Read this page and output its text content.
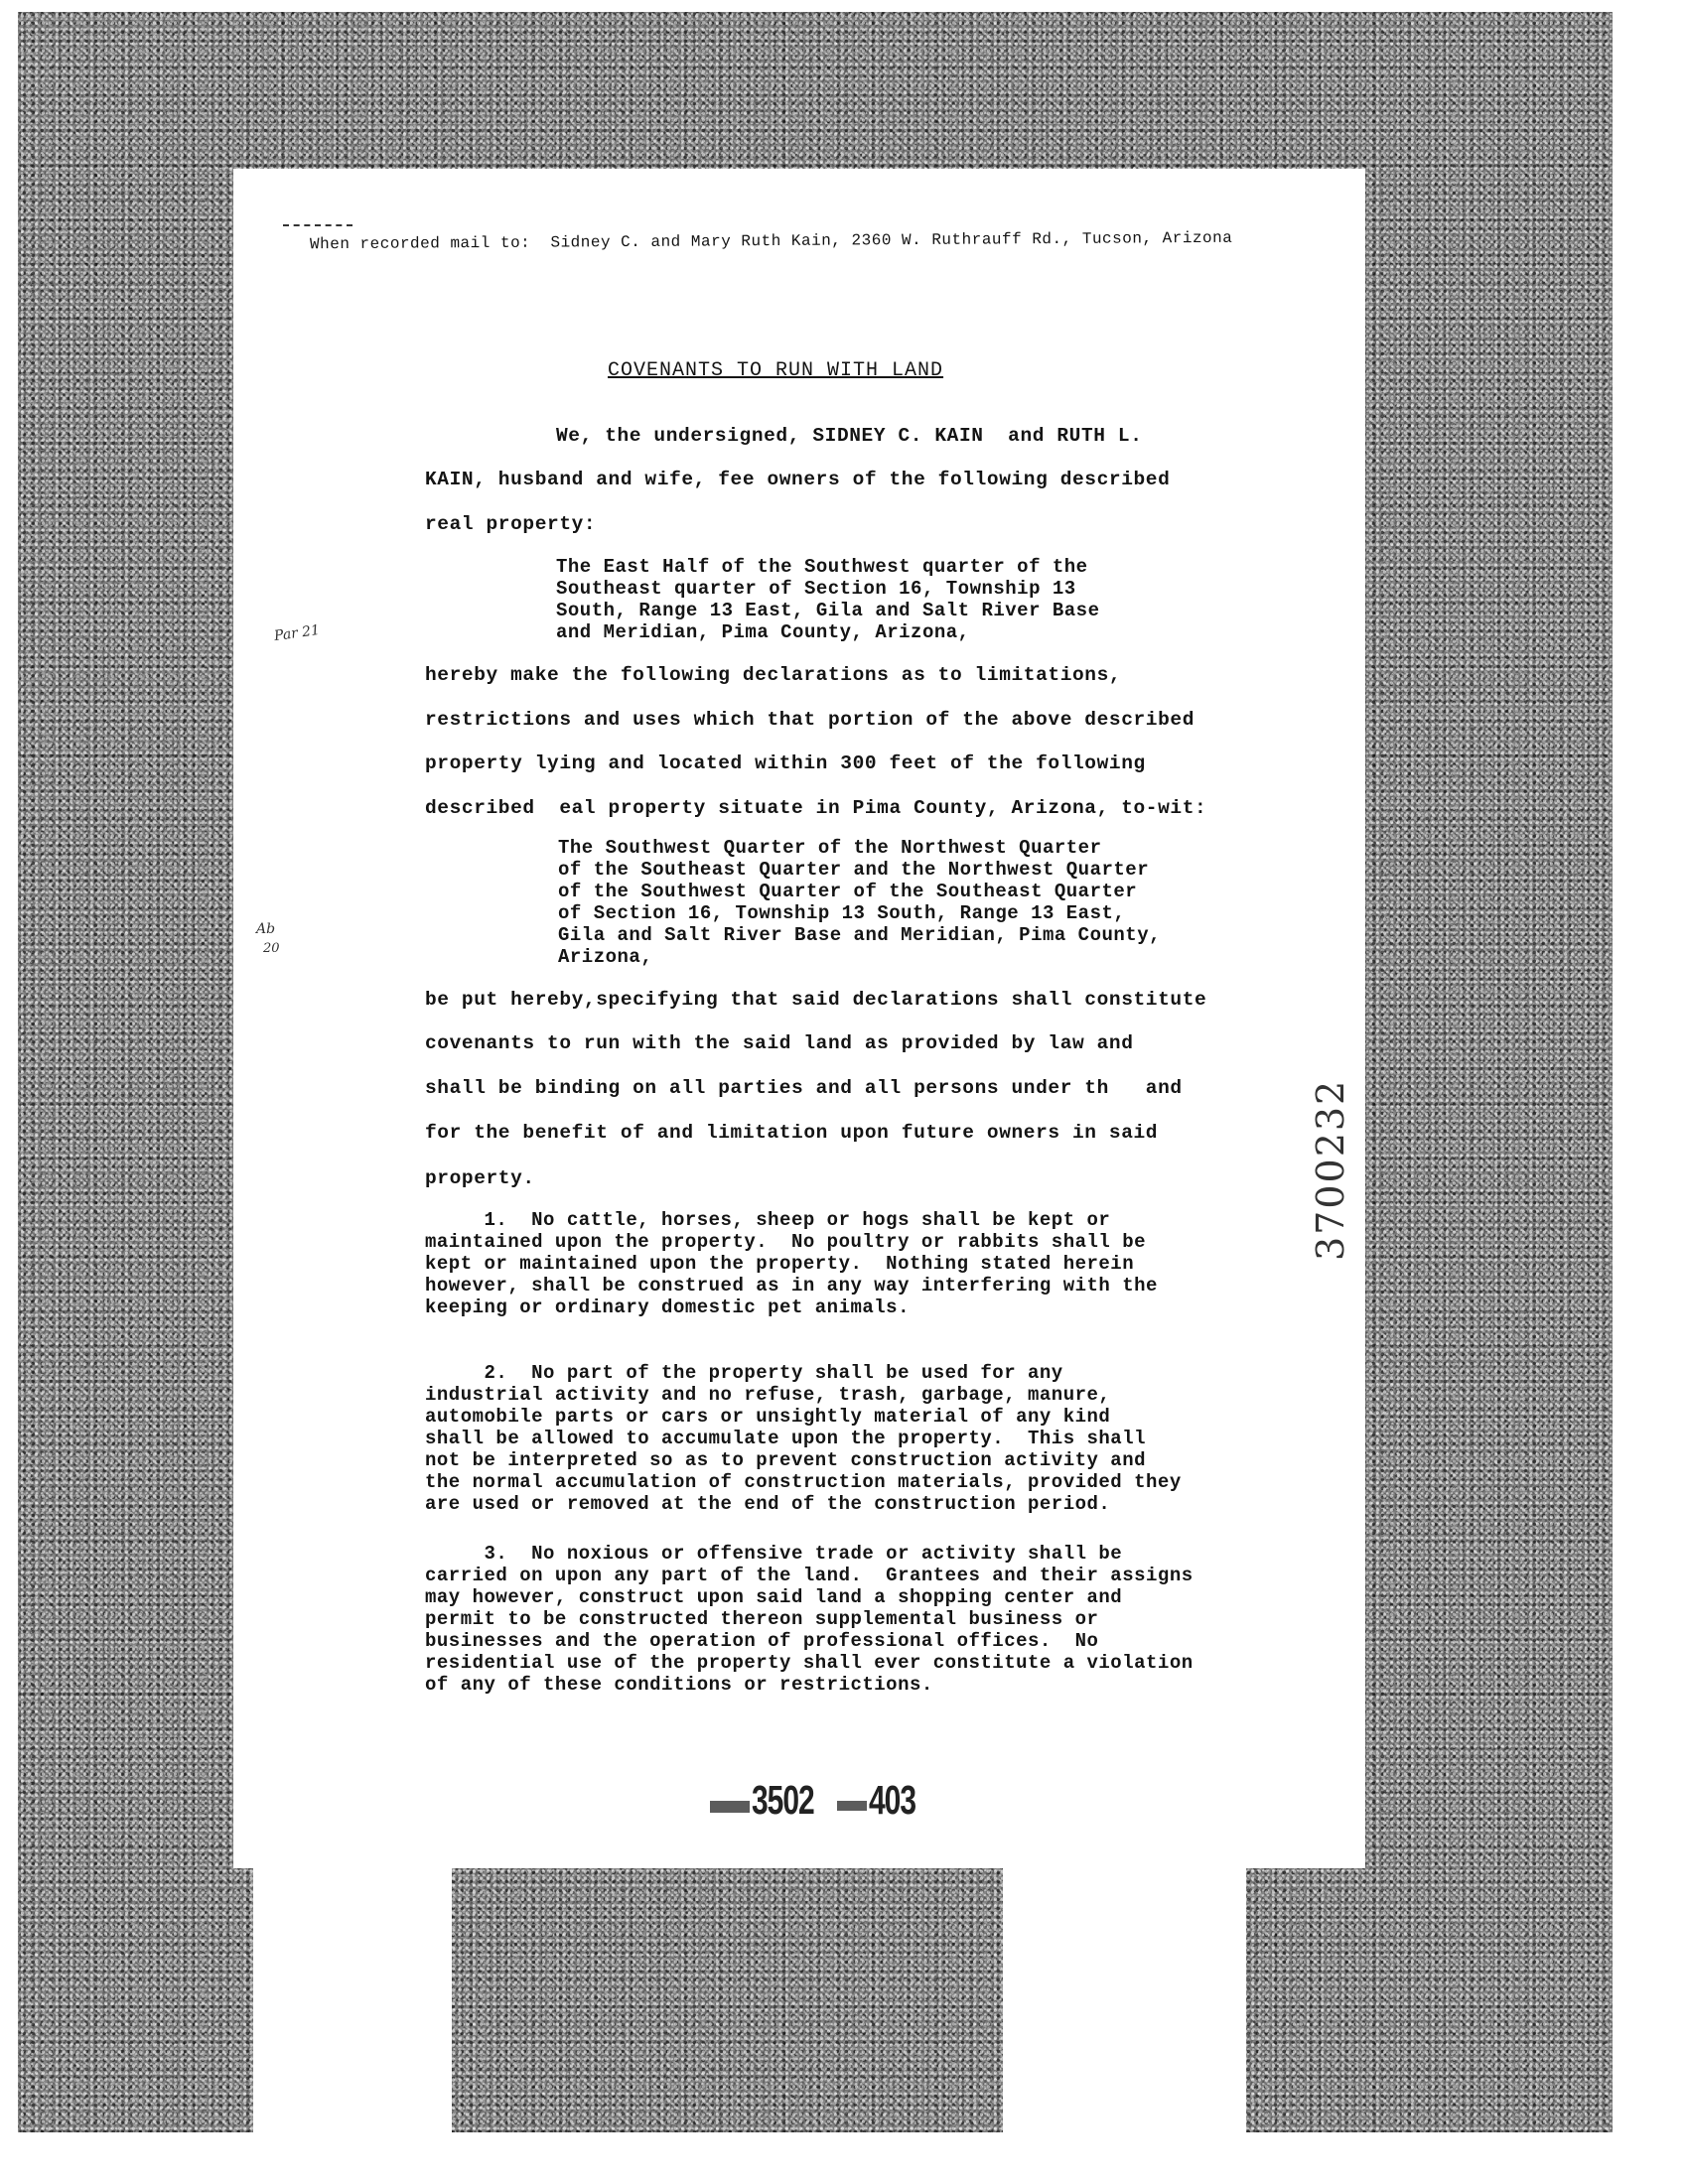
When recorded mail to:  Sidney C. and Mary Ruth Kain, 2360 W. Ruthrauff Rd., Tucson, Arizona
COVENANTS TO RUN WITH LAND
We, the undersigned, SIDNEY C. KAIN  and RUTH L.
KAIN, husband and wife, fee owners of the following described
real property:
The East Half of the Southwest quarter of the
Southeast quarter of Section 16, Township 13
South, Range 13 East, Gila and Salt River Base
and Meridian, Pima County, Arizona,
Par 21
hereby make the following declarations as to limitations,
restrictions and uses which that portion of the above described
property lying and located within 300 feet of the following
described  eal property situate in Pima County, Arizona, to-wit:
The Southwest Quarter of the Northwest Quarter
of the Southeast Quarter and the Northwest Quarter
of the Southwest Quarter of the Southeast Quarter
of Section 16, Township 13 South, Range 13 East,
Gila and Salt River Base and Meridian, Pima County,
Arizona,
Ab
20
be put hereby,specifying that said declarations shall constitute
covenants to run with the said land as provided by law and
shall be binding on all parties and all persons under th   and
for the benefit of and limitation upon future owners in said
property.
1.  No cattle, horses, sheep or hogs shall be kept or
maintained upon the property.  No poultry or rabbits shall be
kept or maintained upon the property.  Nothing stated herein
however, shall be construed as in any way interfering with the
keeping or ordinary domestic pet animals.
2.  No part of the property shall be used for any
industrial activity and no refuse, trash, garbage, manure,
automobile parts or cars or unsightly material of any kind
shall be allowed to accumulate upon the property.  This shall
not be interpreted so as to prevent construction activity and
the normal accumulation of construction materials, provided they
are used or removed at the end of the construction period.
3700232
3.  No noxious or offensive trade or activity shall be
carried on upon any part of the land.  Grantees and their assigns
may however, construct upon said land a shopping center and
permit to be constructed thereon supplemental business or
businesses and the operation of professional offices.  No
residential use of the property shall ever constitute a violation
of any of these conditions or restrictions.
3502 403
